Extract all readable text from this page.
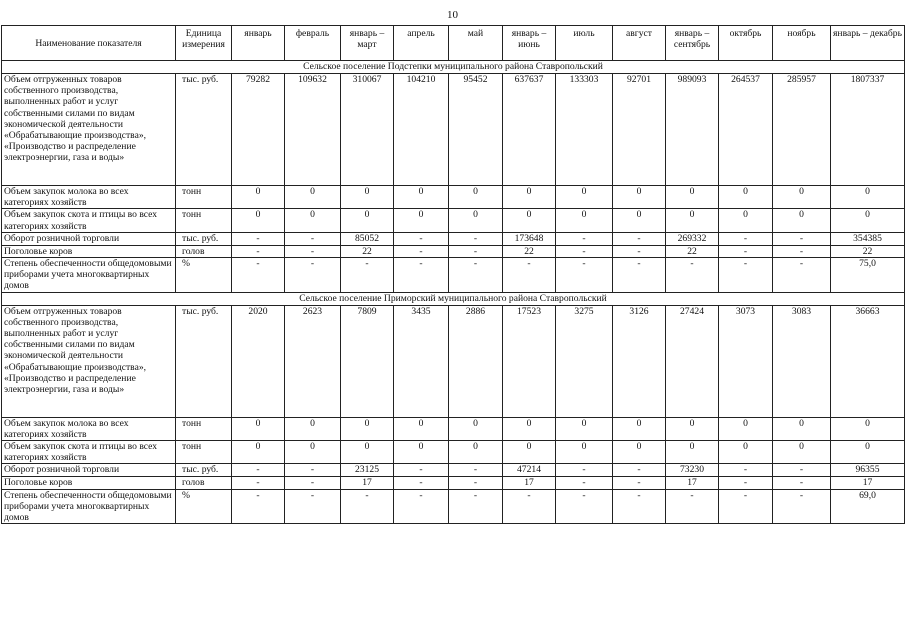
10
Наименование показателя	Единица измерения	январь	февраль	январь – март	апрель	май	январь – июнь	июль	август	январь – сентябрь	октябрь	ноябрь	январь – декабрь
Сельское поселение Подстепки муниципального района Ставропольский													
Объем отгруженных товаров собственного производства, выполненных работ и услуг собственными силами по видам экономической деятельности «Обрабатывающие производства», «Производство и распределение электроэнергии, газа и воды»	тыс. руб.	79282	109632	310067	104210	95452	637637	133303	92701	989093	264537	285957	1807337
Объем закупок молока во всех категориях хозяйств	тонн	0	0	0	0	0	0	0	0	0	0	0	0
Объем закупок скота и птицы во всех категориях хозяйств	тонн	0	0	0	0	0	0	0	0	0	0	0	0
Оборот розничной торговли	тыс. руб.	-	-	85052	-	-	173648	-	-	269332	-	-	354385
Поголовье коров	голов	-	-	22	-	-	22	-	-	22	-	-	22
Степень обеспеченности общедомовыми приборами учета многоквартирных домов	%	-	-	-	-	-	-	-	-	-	-	-	75,0
Сельское поселение Приморский муниципального района Ставропольский													
Объем отгруженных товаров собственного производства, выполненных работ и услуг собственными силами по видам экономической деятельности «Обрабатывающие производства», «Производство и распределение электроэнергии, газа и воды»	тыс. руб.	2020	2623	7809	3435	2886	17523	3275	3126	27424	3073	3083	36663
Объем закупок молока во всех категориях хозяйств	тонн	0	0	0	0	0	0	0	0	0	0	0	0
Объем закупок скота и птицы во всех категориях хозяйств	тонн	0	0	0	0	0	0	0	0	0	0	0	0
Оборот розничной торговли	тыс. руб.	-	-	23125	-	-	47214	-	-	73230	-	-	96355
Поголовье коров	голов	-	-	17	-	-	17	-	-	17	-	-	17
Степень обеспеченности общедомовыми приборами учета многоквартирных домов	%	-	-	-	-	-	-	-	-	-	-	-	69,0
